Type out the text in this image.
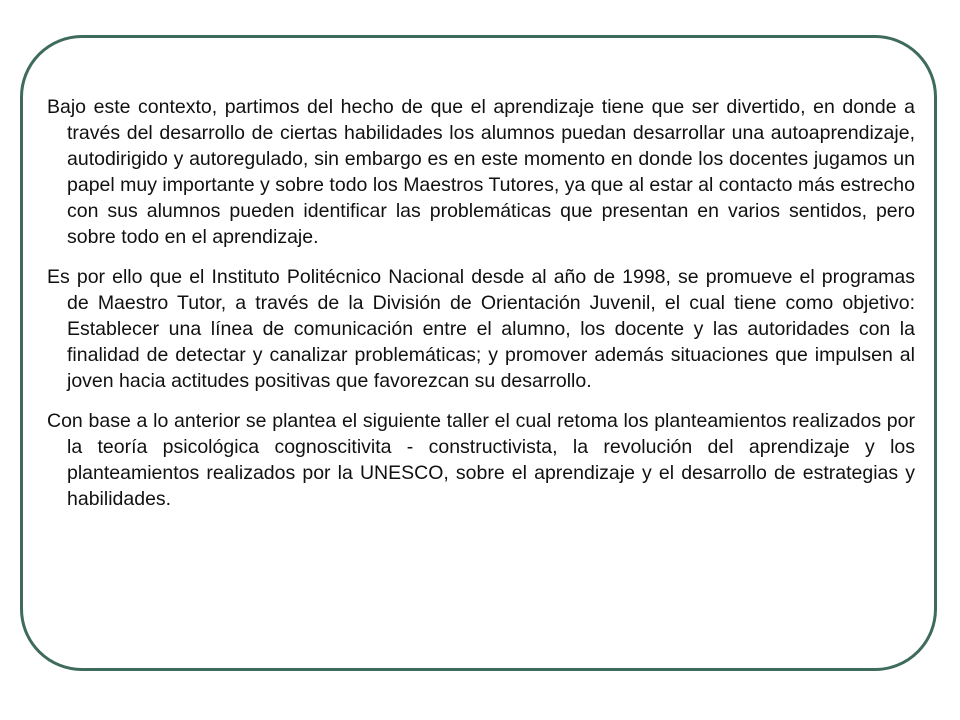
Bajo este contexto, partimos del hecho de que el aprendizaje tiene que ser divertido, en donde a través del desarrollo de ciertas habilidades los alumnos puedan desarrollar una autoaprendizaje, autodirigido y autoregulado, sin embargo es en este momento en donde los docentes jugamos un papel muy importante y sobre todo los Maestros Tutores, ya que al estar al contacto más estrecho con sus alumnos pueden identificar las problemáticas que presentan en varios sentidos, pero sobre todo en el aprendizaje.

Es por ello que el Instituto Politécnico Nacional desde al año de 1998, se promueve el programas de Maestro Tutor, a través de la División de Orientación Juvenil, el cual tiene como objetivo: Establecer una línea de comunicación entre el alumno, los docente y las autoridades con la finalidad de detectar y canalizar problemáticas; y promover además situaciones que impulsen al joven hacia actitudes positivas que favorezcan su desarrollo.

Con base a lo anterior se plantea el siguiente taller el cual retoma los planteamientos realizados por la teoría psicológica cognoscitivita - constructivista, la revolución del aprendizaje y los planteamientos realizados por la UNESCO, sobre el aprendizaje y el desarrollo de estrategias y habilidades.
